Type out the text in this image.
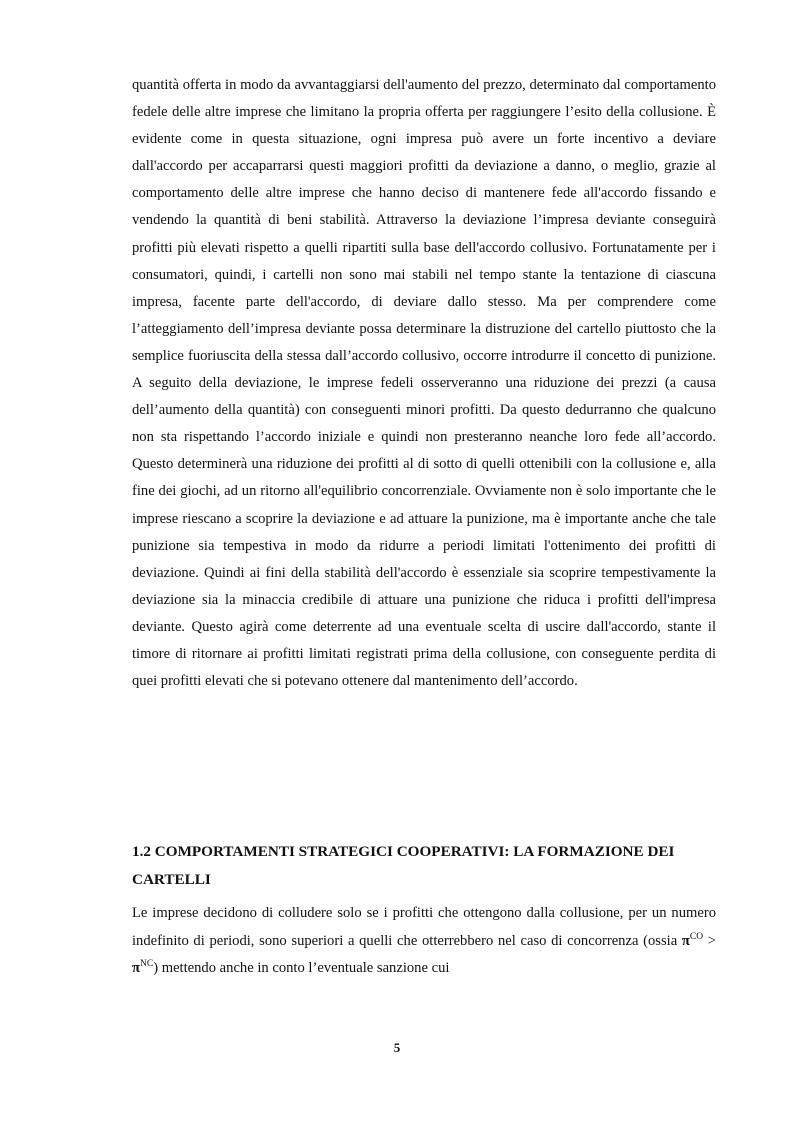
quantità offerta in modo da avvantaggiarsi dell'aumento del prezzo, determinato dal comportamento fedele delle altre imprese che limitano la propria offerta per raggiungere l’esito della collusione. È evidente come in questa situazione, ogni impresa può avere un forte incentivo a deviare dall'accordo per accaparrarsi questi maggiori profitti da deviazione a danno, o meglio, grazie al comportamento delle altre imprese che hanno deciso di mantenere fede all'accordo fissando e vendendo la quantità di beni stabilità. Attraverso la deviazione l’impresa deviante conseguirà profitti più elevati rispetto a quelli ripartiti sulla base dell'accordo collusivo. Fortunatamente per i consumatori, quindi, i cartelli non sono mai stabili nel tempo stante la tentazione di ciascuna impresa, facente parte dell'accordo, di deviare dallo stesso. Ma per comprendere come l’atteggiamento dell’impresa deviante possa determinare la distruzione del cartello piuttosto che la semplice fuoriuscita della stessa dall’accordo collusivo, occorre introdurre il concetto di punizione. A seguito della deviazione, le imprese fedeli osserveranno una riduzione dei prezzi (a causa dell’aumento della quantità) con conseguenti minori profitti. Da questo dedurranno che qualcuno non sta rispettando l’accordo iniziale e quindi non presteranno neanche loro fede all’accordo. Questo determinerà una riduzione dei profitti al di sotto di quelli ottenibili con la collusione e, alla fine dei giochi, ad un ritorno all'equilibrio concorrenziale. Ovviamente non è solo importante che le imprese riescano a scoprire la deviazione e ad attuare la punizione, ma è importante anche che tale punizione sia tempestiva in modo da ridurre a periodi limitati l'ottenimento dei profitti di deviazione. Quindi ai fini della stabilità dell'accordo è essenziale sia scoprire tempestivamente la deviazione sia la minaccia credibile di attuare una punizione che riduca i profitti dell'impresa deviante. Questo agirà come deterrente ad una eventuale scelta di uscire dall'accordo, stante il timore di ritornare ai profitti limitati registrati prima della collusione, con conseguente perdita di quei profitti elevati che si potevano ottenere dal mantenimento dell’accordo.

1.2 COMPORTAMENTI STRATEGICI COOPERATIVI: LA FORMAZIONE DEI CARTELLI

Le imprese decidono di colludere solo se i profitti che ottengono dalla collusione, per un numero indefinito di periodi, sono superiori a quelli che otterrebbero nel caso di concorrenza (ossia $\pi^{CO} > \pi^{NC}$) mettendo anche in conto l’eventuale sanzione cui

5
